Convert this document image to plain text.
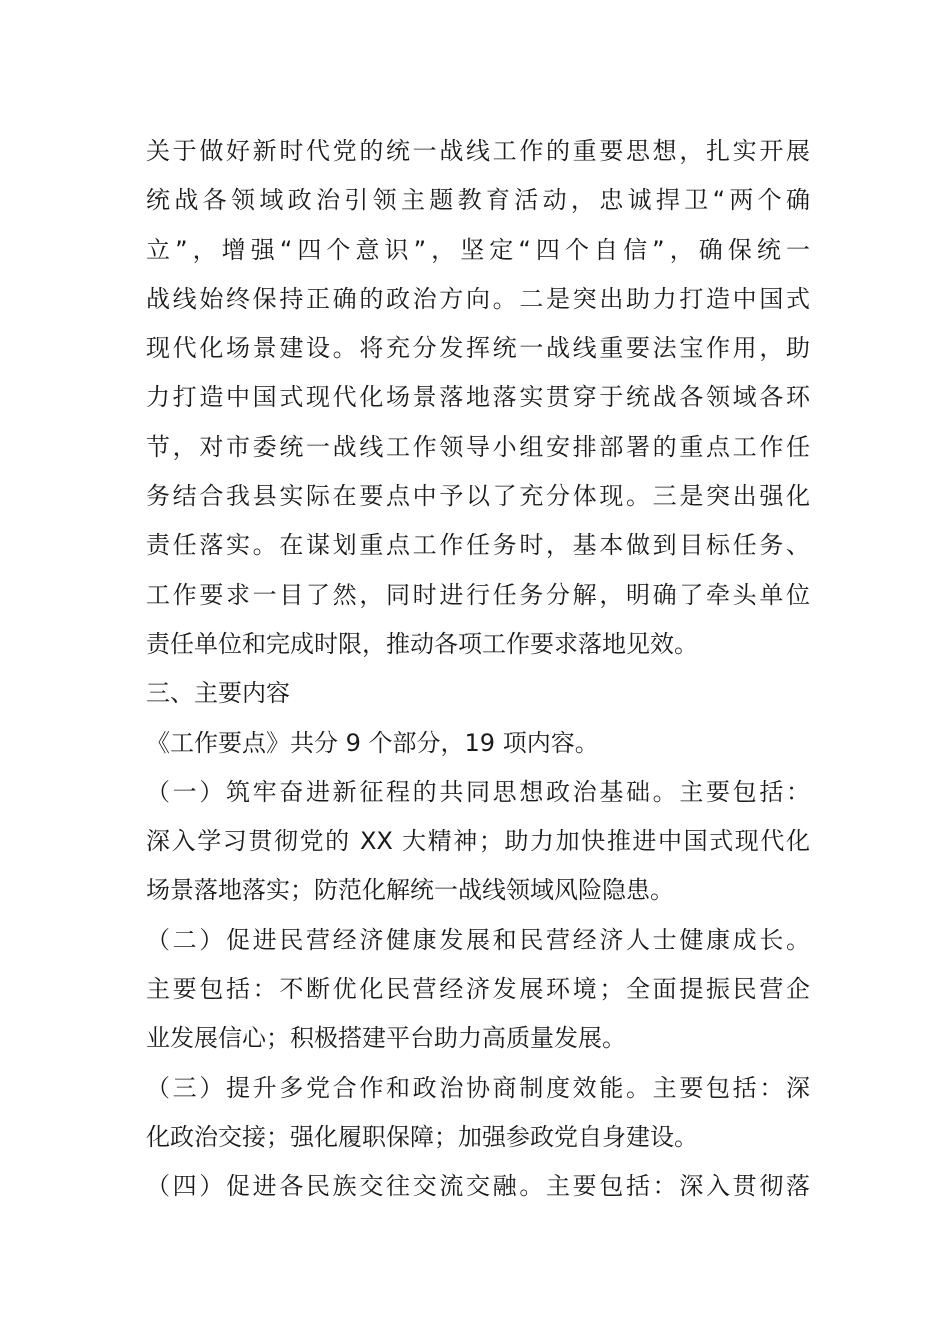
关于做好新时代党的统一战线工作的重要思想，扎实开展
统战各领域政治引领主题教育活动，忠诚捍卫“两个确
立”，增强“四个意识”，坚定“四个自信”，确保统一
战线始终保持正确的政治方向。二是突出助力打造中国式
现代化场景建设。将充分发挥统一战线重要法宝作用，助
力打造中国式现代化场景落地落实贯穿于统战各领域各环
节，对市委统一战线工作领导小组安排部署的重点工作任
务结合我县实际在要点中予以了充分体现。三是突出强化
责任落实。在谋划重点工作任务时，基本做到目标任务、
工作要求一目了然，同时进行任务分解，明确了牵头单位
责任单位和完成时限，推动各项工作要求落地见效。
三、主要内容
《工作要点》共分 9 个部分，19 项内容。
（一）筑牢奋进新征程的共同思想政治基础。主要包括：
深入学习贯彻党的 XX 大精神；助力加快推进中国式现代化
场景落地落实；防范化解统一战线领域风险隐患。
（二）促进民营经济健康发展和民营经济人士健康成长。
主要包括：不断优化民营经济发展环境；全面提振民营企
业发展信心；积极搭建平台助力高质量发展。
（三）提升多党合作和政治协商制度效能。主要包括：深
化政治交接；强化履职保障；加强参政党自身建设。
（四）促进各民族交往交流交融。主要包括：深入贯彻落
